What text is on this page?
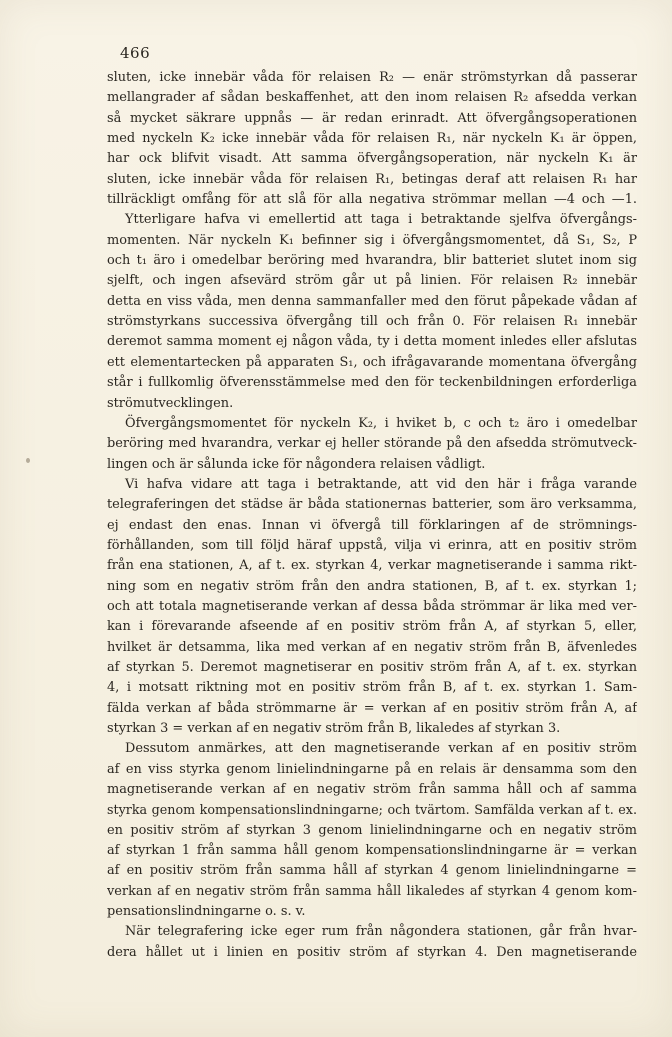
466
sluten, icke innebär våda för relaisen R₂ — enär strömstyrkan då passerar
mellangrader af sådan beskaffenhet, att den inom relaisen R₂ afsedda verkan
så mycket säkrare uppnås — är redan erinradt. Att öfvergångsoperationen
med nyckeln K₂ icke innebär våda för relaisen R₁, när nyckeln K₁ är öppen,
har ock blifvit visadt. Att samma öfvergångsoperation, när nyckeln K₁ är
sluten, icke innebär våda för relaisen R₁, betingas deraf att relaisen R₁ har
tillräckligt omfång för att slå för alla negativa strömmar mellan —4 och —1.
Ytterligare hafva vi emellertid att taga i betraktande sjelfva öfvergångs-
momenten. När nyckeln K₁ befinner sig i öfvergångsmomentet, då S₁, S₂, P
och t₁ äro i omedelbar beröring med hvarandra, blir batteriet slutet inom sig
sjelft, och ingen afsevärd ström går ut på linien. För relaisen R₂ innebär
detta en viss våda, men denna sammanfaller med den förut påpekade vådan af
strömstyrkans successiva öfvergång till och från 0. För relaisen R₁ innebär
deremot samma moment ej någon våda, ty i detta moment inledes eller afslutas
ett elementartecken på apparaten S₁, och ifrågavarande momentana öfvergång
står i fullkomlig öfverensstämmelse med den för teckenbildningen erforderliga
strömutvecklingen.
Öfvergångsmomentet för nyckeln K₂, i hviket b, c och t₂ äro i omedelbar
beröring med hvarandra, verkar ej heller störande på den afsedda strömutveck-
lingen och är sålunda icke för någondera relaisen vådligt.
Vi hafva vidare att taga i betraktande, att vid den här i fråga varande
telegraferingen det städse är båda stationernas batterier, som äro verksamma,
ej endast den enas. Innan vi öfvergå till förklaringen af de strömnings-
förhållanden, som till följd häraf uppstå, vilja vi erinra, att en positiv ström
från ena stationen, A, af t. ex. styrkan 4, verkar magnetiserande i samma rikt-
ning som en negativ ström från den andra stationen, B, af t. ex. styrkan 1;
och att totala magnetiserande verkan af dessa båda strömmar är lika med ver-
kan i förevarande afseende af en positiv ström från A, af styrkan 5, eller,
hvilket är detsamma, lika med verkan af en negativ ström från B, äfvenledes
af styrkan 5. Deremot magnetiserar en positiv ström från A, af t. ex. styrkan
4, i motsatt riktning mot en positiv ström från B, af t. ex. styrkan 1. Sam-
fälda verkan af båda strömmarne är = verkan af en positiv ström från A, af
styrkan 3 = verkan af en negativ ström från B, likaledes af styrkan 3.
Dessutom anmärkes, att den magnetiserande verkan af en positiv ström
af en viss styrka genom linielindningarne på en relais är densamma som den
magnetiserande verkan af en negativ ström från samma håll och af samma
styrka genom kompensationslindningarne; och tvärtom. Samfälda verkan af t. ex.
en positiv ström af styrkan 3 genom linielindningarne och en negativ ström
af styrkan 1 från samma håll genom kompensationslindningarne är = verkan
af en positiv ström från samma håll af styrkan 4 genom linielindningarne =
verkan af en negativ ström från samma håll likaledes af styrkan 4 genom kom-
pensationslindningarne o. s. v.
När telegrafering icke eger rum från någondera stationen, går från hvar-
dera hållet ut i linien en positiv ström af styrkan 4. Den magnetiserande
